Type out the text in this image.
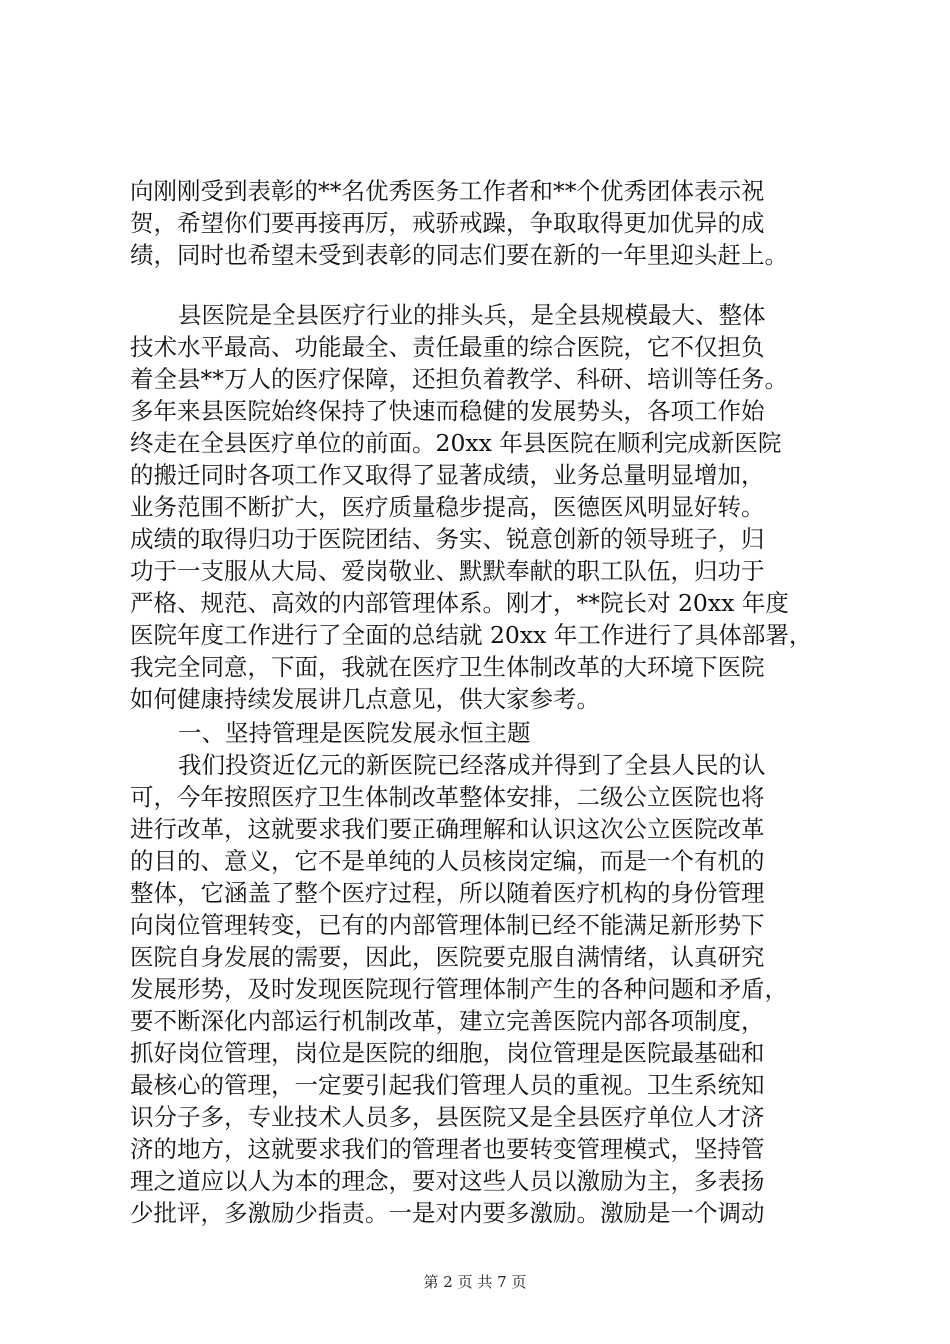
向刚刚受到表彰的**名优秀医务工作者和**个优秀团体表示祝
贺，希望你们要再接再厉，戒骄戒躁，争取取得更加优异的成
绩，同时也希望未受到表彰的同志们要在新的一年里迎头赶上。
县医院是全县医疗行业的排头兵，是全县规模最大、整体
技术水平最高、功能最全、责任最重的综合医院，它不仅担负
着全县**万人的医疗保障，还担负着教学、科研、培训等任务。
多年来县医院始终保持了快速而稳健的发展势头，各项工作始
终走在全县医疗单位的前面。20xx 年县医院在顺利完成新医院
的搬迁同时各项工作又取得了显著成绩，业务总量明显增加，
业务范围不断扩大，医疗质量稳步提高，医德医风明显好转。
成绩的取得归功于医院团结、务实、锐意创新的领导班子，归
功于一支服从大局、爱岗敬业、默默奉献的职工队伍，归功于
严格、规范、高效的内部管理体系。刚才，**院长对 20xx 年度
医院年度工作进行了全面的总结就 20xx 年工作进行了具体部署，
我完全同意，下面，我就在医疗卫生体制改革的大环境下医院
如何健康持续发展讲几点意见，供大家参考。
一、坚持管理是医院发展永恒主题
我们投资近亿元的新医院已经落成并得到了全县人民的认
可，今年按照医疗卫生体制改革整体安排，二级公立医院也将
进行改革，这就要求我们要正确理解和认识这次公立医院改革
的目的、意义，它不是单纯的人员核岗定编，而是一个有机的
整体，它涵盖了整个医疗过程，所以随着医疗机构的身份管理
向岗位管理转变，已有的内部管理体制已经不能满足新形势下
医院自身发展的需要，因此，医院要克服自满情绪，认真研究
发展形势，及时发现医院现行管理体制产生的各种问题和矛盾，
要不断深化内部运行机制改革，建立完善医院内部各项制度，
抓好岗位管理，岗位是医院的细胞，岗位管理是医院最基础和
最核心的管理，一定要引起我们管理人员的重视。卫生系统知
识分子多，专业技术人员多，县医院又是全县医疗单位人才济
济的地方，这就要求我们的管理者也要转变管理模式，坚持管
理之道应以人为本的理念，要对这些人员以激励为主，多表扬
少批评，多激励少指责。一是对内要多激励。激励是一个调动
第 2 页 共 7 页
